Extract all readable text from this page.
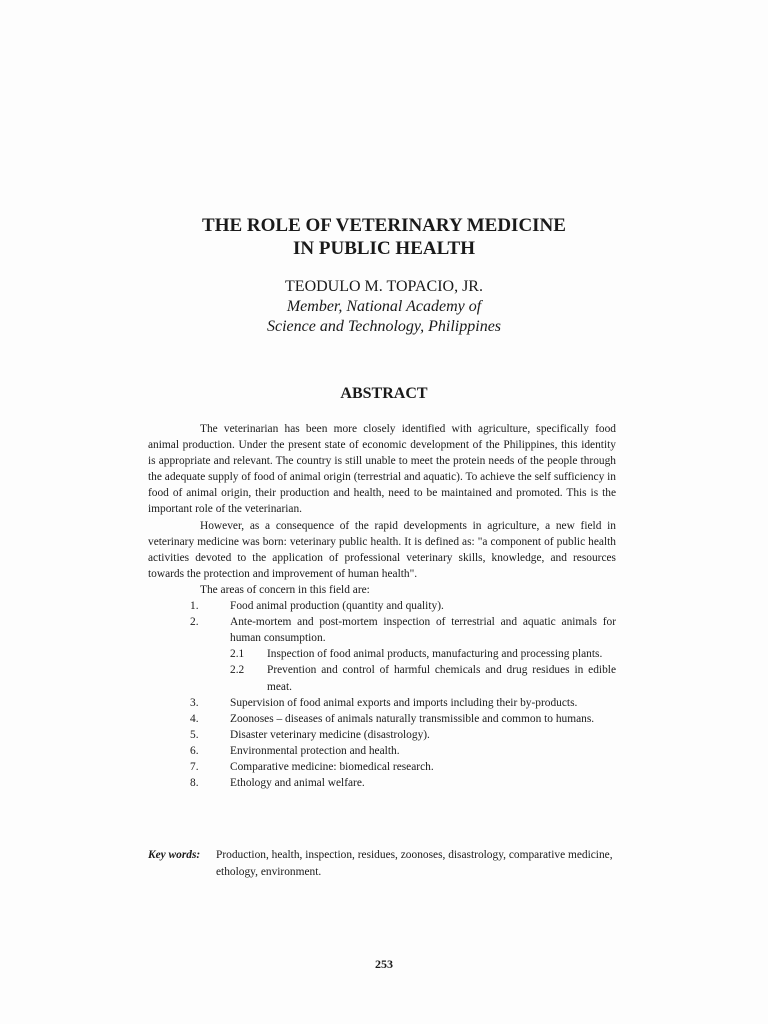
THE ROLE OF VETERINARY MEDICINE
IN PUBLIC HEALTH
TEODULO M. TOPACIO, JR.
Member, National Academy of
Science and Technology, Philippines
ABSTRACT

The veterinarian has been more closely identified with agriculture, specifically food animal production. Under the present state of economic development of the Philippines, this identity is appropriate and relevant. The country is still unable to meet the protein needs of the people through the adequate supply of food of animal origin (terrestrial and aquatic). To achieve the self sufficiency in food of animal origin, their production and health, need to be maintained and promoted. This is the important role of the veterinarian.

However, as a consequence of the rapid developments in agriculture, a new field in veterinary medicine was born: veterinary public health. It is defined as: "a component of public health activities devoted to the application of professional veterinary skills, knowledge, and resources towards the protection and improvement of human health".

The areas of concern in this field are:

1.	Food animal production (quantity and quality).
2.	Ante-mortem and post-mortem inspection of terrestrial and aquatic animals for human consumption.
2.1	Inspection of food animal products, manufacturing and processing plants.
2.2	Prevention and control of harmful chemicals and drug residues in edible meat.
3.	Supervision of food animal exports and imports including their by-products.
4.	Zoonoses – diseases of animals naturally transmissible and common to humans.
5.	Disaster veterinary medicine (disastrology).
6.	Environmental protection and health.
7.	Comparative medicine: biomedical research.
8.	Ethology and animal welfare.
Key words:	Production, health, inspection, residues, zoonoses, disastrology, comparative medicine, ethology, environment.
253
